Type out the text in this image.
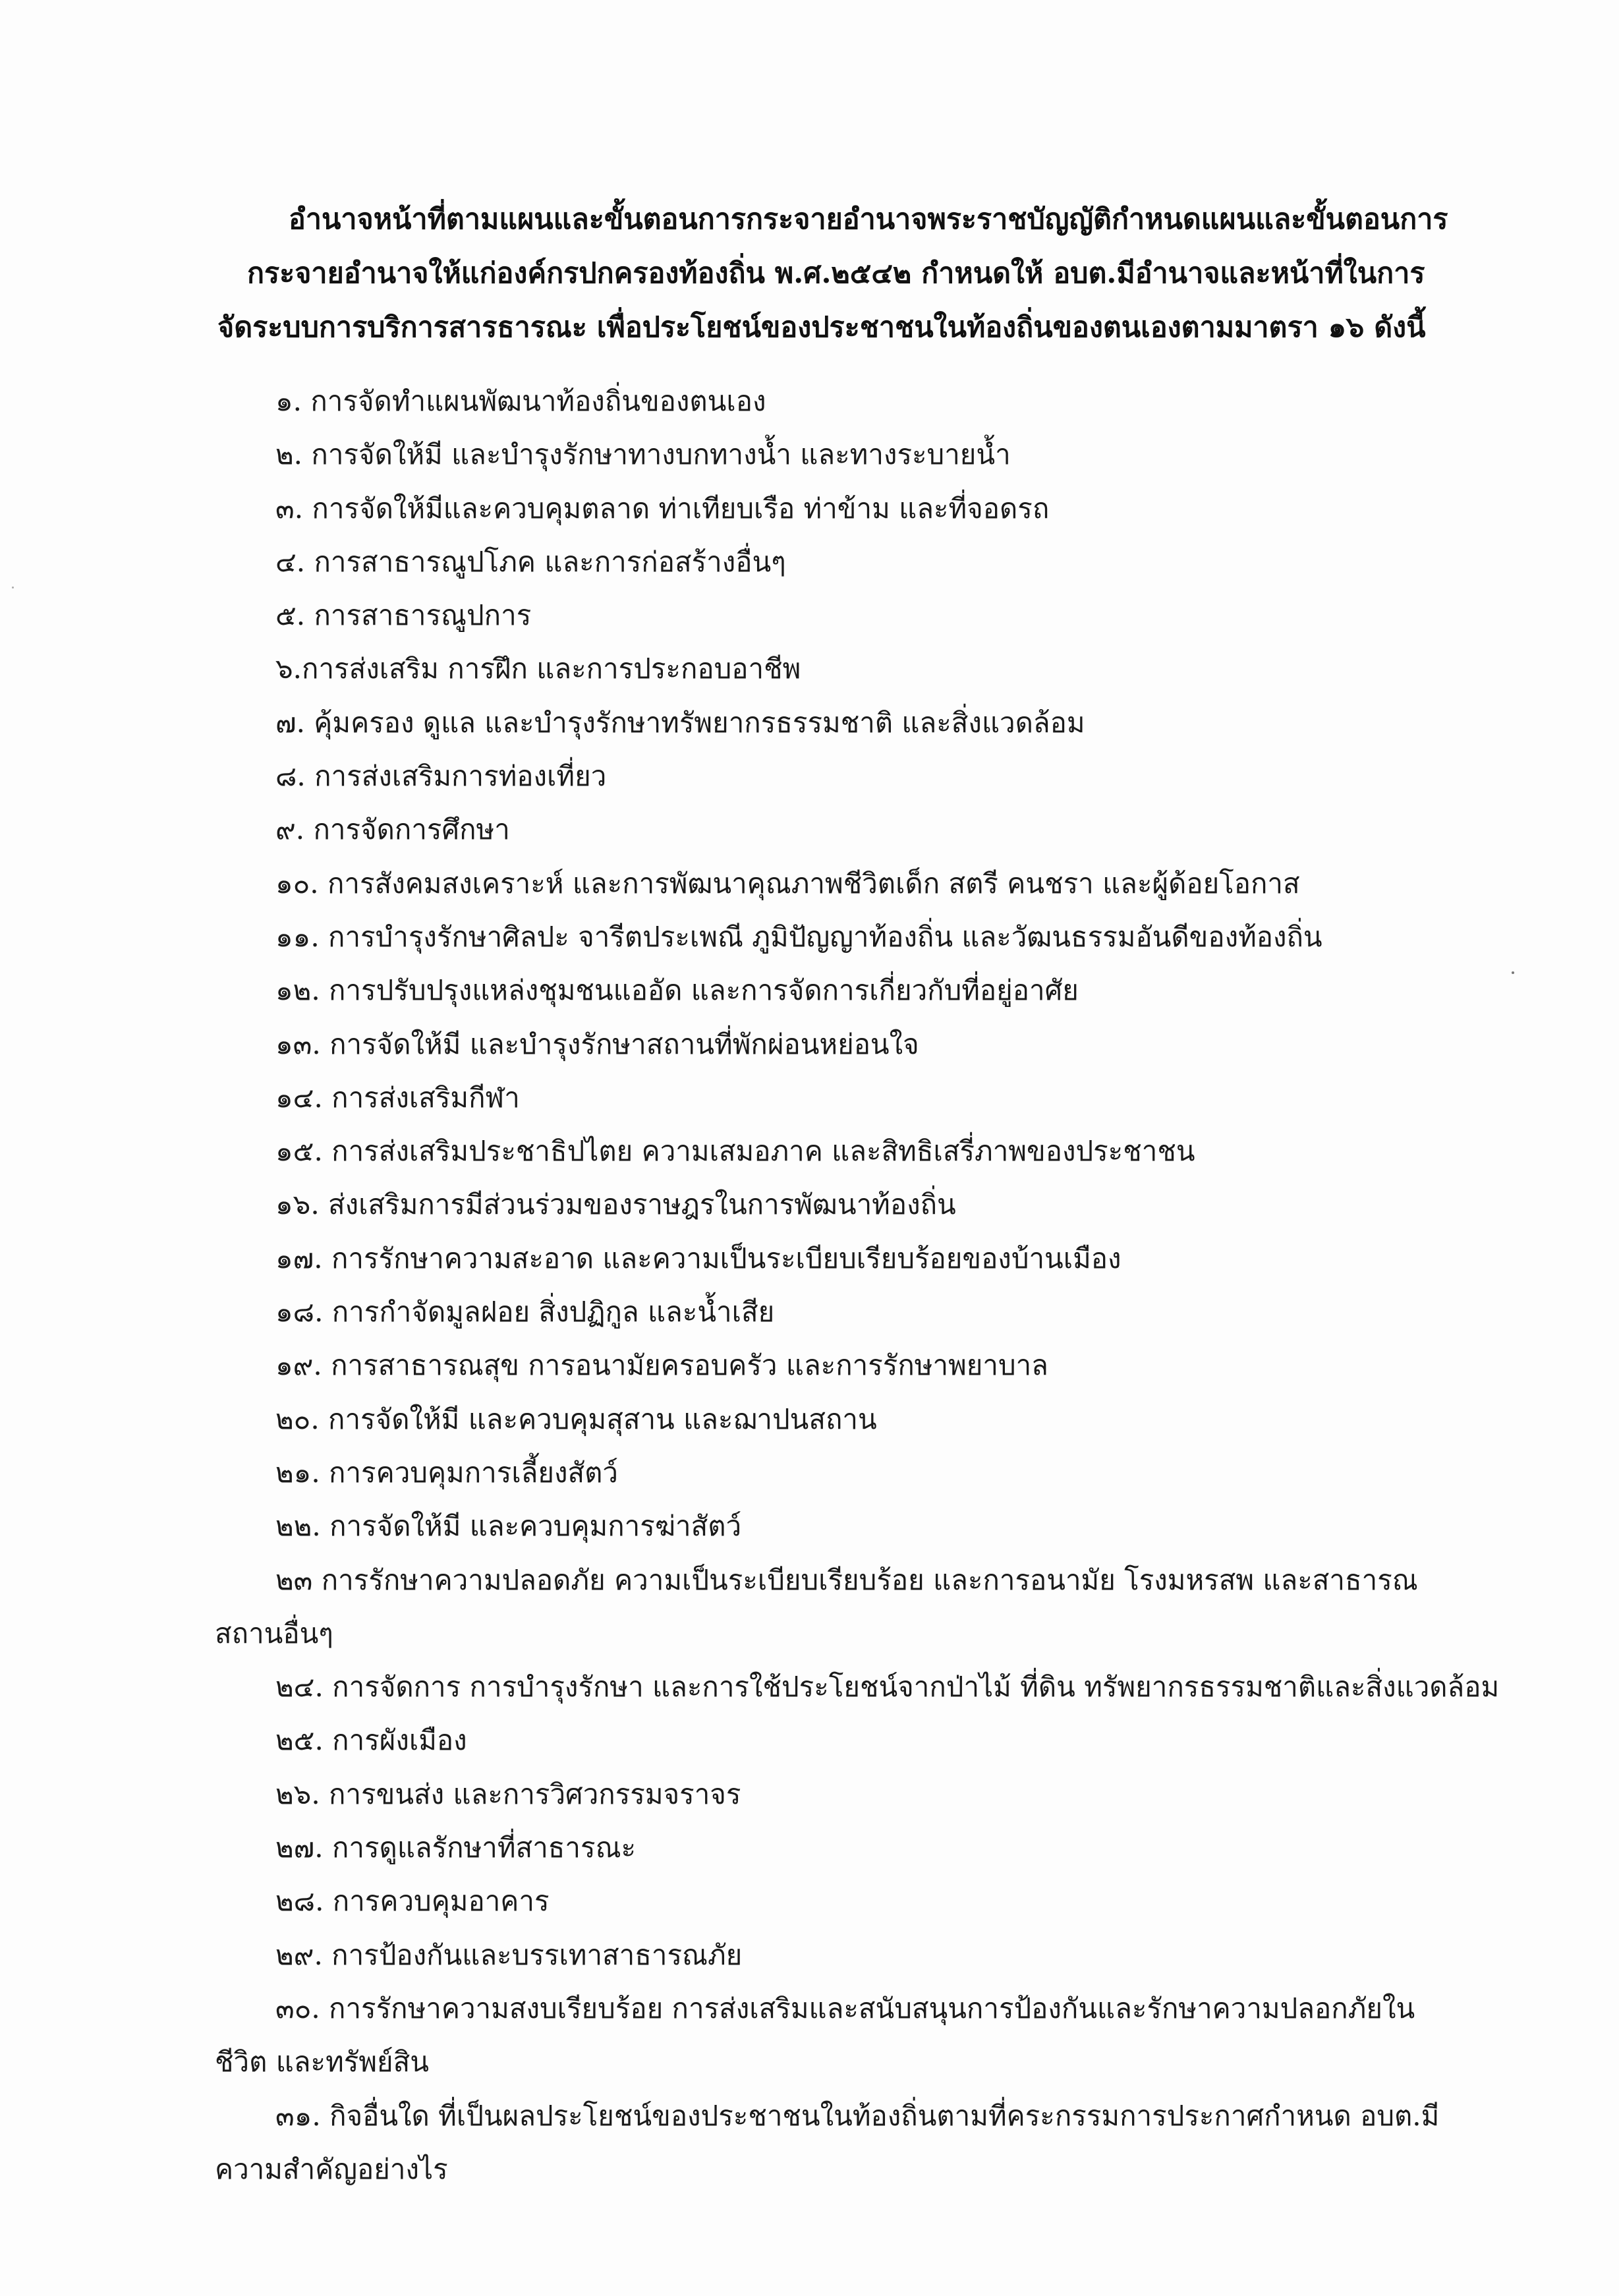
อำนาจหน้าที่ตามแผนและขั้นตอนการกระจายอำนาจพระราชบัญญัติกำหนดแผนและขั้นตอนการ
กระจายอำนาจให้แก่องค์กรปกครองท้องถิ่น พ.ศ.๒๕๔๒ กำหนดให้ อบต.มีอำนาจและหน้าที่ในการ
จัดระบบการบริการสารธารณะ เพื่อประโยชน์ของประชาชนในท้องถิ่นของตนเองตามมาตรา ๑๖ ดังนี้
๑. การจัดทำแผนพัฒนาท้องถิ่นของตนเอง
๒. การจัดให้มี และบำรุงรักษาทางบกทางน้ำ และทางระบายน้ำ
๓. การจัดให้มีและควบคุมตลาด ท่าเทียบเรือ ท่าข้าม และที่จอดรถ
๔. การสาธารณูปโภค และการก่อสร้างอื่นๆ
๕. การสาธารณูปการ
๖.การส่งเสริม การฝึก และการประกอบอาชีพ
๗. คุ้มครอง ดูแล และบำรุงรักษาทรัพยากรธรรมชาติ และสิ่งแวดล้อม
๘. การส่งเสริมการท่องเที่ยว
๙. การจัดการศึกษา
๑๐. การสังคมสงเคราะห์ และการพัฒนาคุณภาพชีวิตเด็ก สตรี คนชรา และผู้ด้อยโอกาส
๑๑. การบำรุงรักษาศิลปะ จารีตประเพณี ภูมิปัญญาท้องถิ่น และวัฒนธรรมอันดีของท้องถิ่น
๑๒. การปรับปรุงแหล่งชุมชนแออัด และการจัดการเกี่ยวกับที่อยู่อาศัย
๑๓. การจัดให้มี และบำรุงรักษาสถานที่พักผ่อนหย่อนใจ
๑๔. การส่งเสริมกีฬา
๑๕. การส่งเสริมประชาธิปไตย ความเสมอภาค และสิทธิเสรี่ภาพของประชาชน
๑๖. ส่งเสริมการมีส่วนร่วมของราษฎรในการพัฒนาท้องถิ่น
๑๗. การรักษาความสะอาด และความเป็นระเบียบเรียบร้อยของบ้านเมือง
๑๘. การกำจัดมูลฝอย สิ่งปฏิกูล และน้ำเสีย
๑๙. การสาธารณสุข การอนามัยครอบครัว และการรักษาพยาบาล
๒๐. การจัดให้มี และควบคุมสุสาน และฌาปนสถาน
๒๑. การควบคุมการเลี้ยงสัตว์
๒๒. การจัดให้มี และควบคุมการฆ่าสัตว์
๒๓ การรักษาความปลอดภัย ความเป็นระเบียบเรียบร้อย และการอนามัย โรงมหรสพ และสาธารณ
สถานอื่นๆ
๒๔. การจัดการ การบำรุงรักษา และการใช้ประโยชน์จากป่าไม้ ที่ดิน ทรัพยากรธรรมชาติและสิ่งแวดล้อม
๒๕. การผังเมือง
๒๖. การขนส่ง และการวิศวกรรมจราจร
๒๗. การดูแลรักษาที่สาธารณะ
๒๘. การควบคุมอาคาร
๒๙. การป้องกันและบรรเทาสาธารณภัย
๓๐. การรักษาความสงบเรียบร้อย การส่งเสริมและสนับสนุนการป้องกันและรักษาความปลอกภัยใน
ชีวิต และทรัพย์สิน
๓๑. กิจอื่นใด ที่เป็นผลประโยชน์ของประชาชนในท้องถิ่นตามที่คระกรรมการประกาศกำหนด อบต.มี
ความสำคัญอย่างไร
